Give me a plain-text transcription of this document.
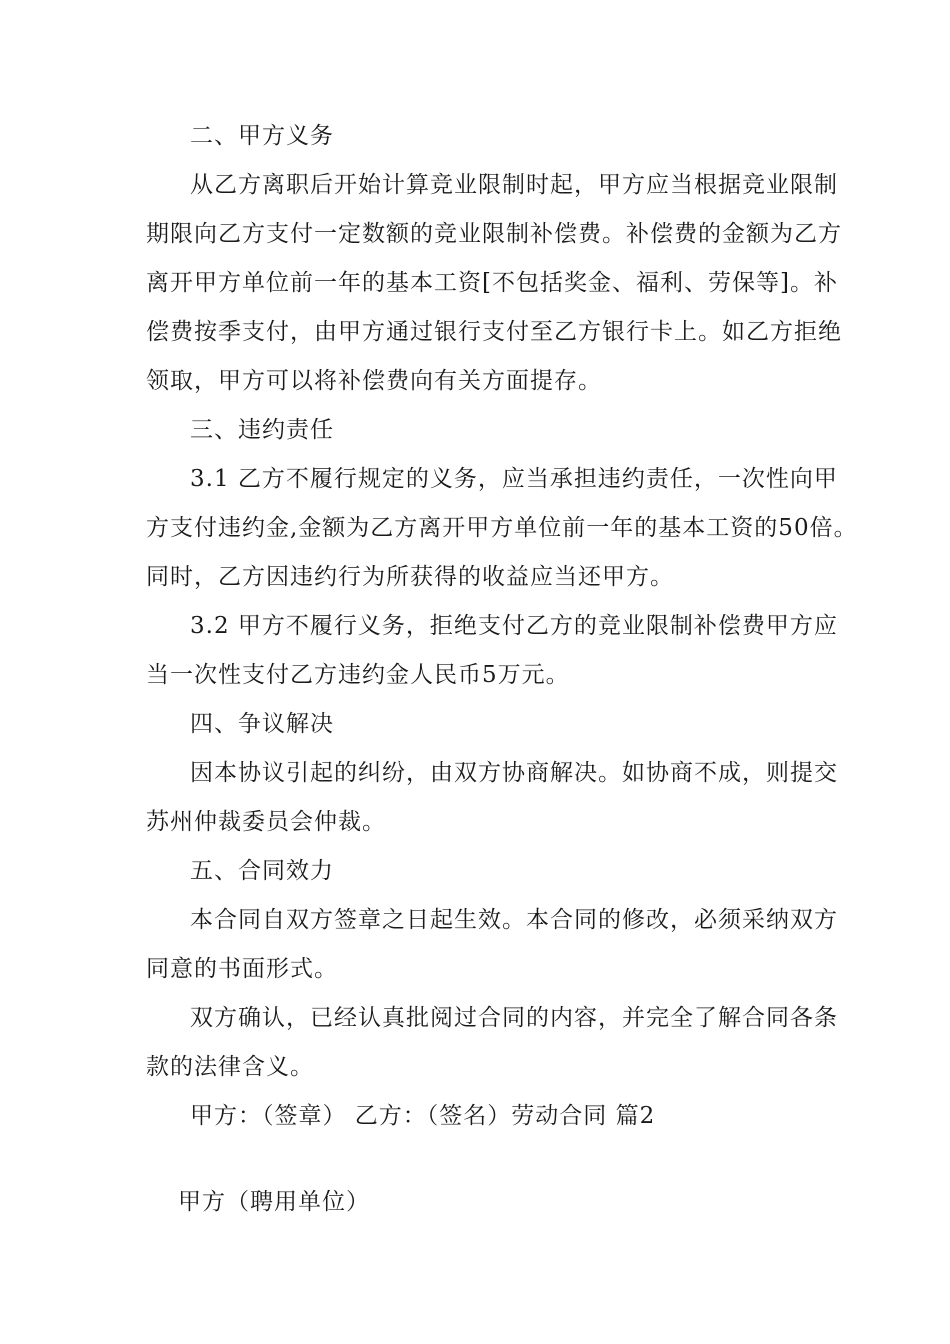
二、甲方义务
从乙方离职后开始计算竞业限制时起，甲方应当根据竞业限制
期限向乙方支付一定数额的竞业限制补偿费。补偿费的金额为乙方
离开甲方单位前一年的基本工资[不包括奖金、福利、劳保等]。补
偿费按季支付，由甲方通过银行支付至乙方银行卡上。如乙方拒绝
领取，甲方可以将补偿费向有关方面提存。
三、违约责任
3.1 乙方不履行规定的义务，应当承担违约责任，一次性向甲
方支付违约金,金额为乙方离开甲方单位前一年的基本工资的50倍。
同时，乙方因违约行为所获得的收益应当还甲方。
3.2 甲方不履行义务，拒绝支付乙方的竞业限制补偿费甲方应
当一次性支付乙方违约金人民币5万元。
四、争议解决
因本协议引起的纠纷，由双方协商解决。如协商不成，则提交
苏州仲裁委员会仲裁。
五、合同效力
本合同自双方签章之日起生效。本合同的修改，必须采纳双方
同意的书面形式。
双方确认，已经认真批阅过合同的内容，并完全了解合同各条
款的法律含义。
甲方：（签章） 乙方：（签名）劳动合同 篇2
甲方（聘用单位）
